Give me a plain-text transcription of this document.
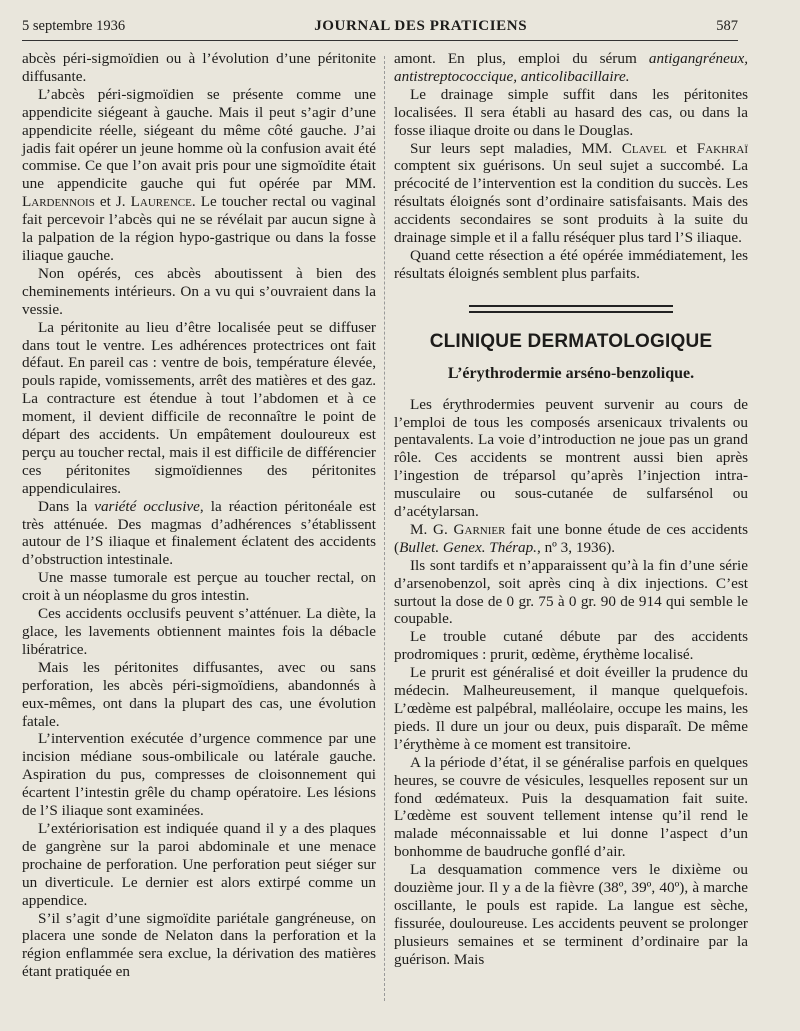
5 septembre 1936	JOURNAL DES PRATICIENS	587

abcès péri-sigmoïdien ou à l’évolution d’une péritonite diffusante.

L’abcès péri-sigmoïdien se présente comme une appendicite siégeant à gauche. Mais il peut s’agir d’une appendicite réelle, siégeant du même côté gauche. J’ai jadis fait opérer un jeune homme où la confusion avait été commise. Ce que l’on avait pris pour une sigmoïdite était une appendicite gauche qui fut opérée par MM. Lardennois et J. Laurence. Le toucher rectal ou vaginal fait percevoir l’abcès qui ne se révélait par aucun signe à la palpation de la région hypo-gastrique ou dans la fosse iliaque gauche.

Non opérés, ces abcès aboutissent à bien des cheminements intérieurs. On a vu qui s’ouvraient dans la vessie.

La péritonite au lieu d’être localisée peut se diffuser dans tout le ventre. Les adhérences protectrices ont fait défaut. En pareil cas : ventre de bois, température élevée, pouls rapide, vomissements, arrêt des matières et des gaz. La contracture est étendue à tout l’abdomen et à ce moment, il devient difficile de reconnaître le point de départ des accidents. Un empâtement douloureux est perçu au toucher rectal, mais il est difficile de différencier ces péritonites sigmoïdiennes des péritonites appendiculaires.

Dans la variété occlusive, la réaction péritonéale est très atténuée. Des magmas d’adhérences s’établissent autour de l’S iliaque et finalement éclatent des accidents d’obstruction intestinale.

Une masse tumorale est perçue au toucher rectal, on croit à un néoplasme du gros intestin.

Ces accidents occlusifs peuvent s’atténuer. La diète, la glace, les lavements obtiennent maintes fois la débacle libératrice.

Mais les péritonites diffusantes, avec ou sans perforation, les abcès péri-sigmoïdiens, abandonnés à eux-mêmes, ont dans la plupart des cas, une évolution fatale.

L’intervention exécutée d’urgence commence par une incision médiane sous-ombilicale ou latérale gauche. Aspiration du pus, compresses de cloisonnement qui écartent l’intestin grêle du champ opératoire. Les lésions de l’S iliaque sont examinées.

L’extériorisation est indiquée quand il y a des plaques de gangrène sur la paroi abdominale et une menace prochaine de perforation. Une perforation peut siéger sur un diverticule. Le dernier est alors extirpé comme un appendice.

S’il s’agit d’une sigmoïdite pariétale gangréneuse, on placera une sonde de Nelaton dans la perforation et la région enflammée sera exclue, la dérivation des matières étant pratiquée en

amont. En plus, emploi du sérum antigangréneux, antistreptococcique, anticolibacillaire.

Le drainage simple suffit dans les péritonites localisées. Il sera établi au hasard des cas, ou dans la fosse iliaque droite ou dans le Douglas.

Sur leurs sept maladies, MM. Clavel et Fakhraï comptent six guérisons. Un seul sujet a succombé. La précocité de l’intervention est la condition du succès. Les résultats éloignés sont d’ordinaire satisfaisants. Mais des accidents secondaires se sont produits à la suite du drainage simple et il a fallu réséquer plus tard l’S iliaque.

Quand cette résection a été opérée immédiatement, les résultats éloignés semblent plus parfaits.

CLINIQUE DERMATOLOGIQUE
L’érythrodermie arséno-benzolique.

Les érythrodermies peuvent survenir au cours de l’emploi de tous les composés arsenicaux trivalents ou pentavalents. La voie d’introduction ne joue pas un grand rôle. Ces accidents se montrent aussi bien après l’ingestion de tréparsol qu’après l’injection intra-musculaire ou sous-cutanée de sulfarsénol ou d’acétylarsan.

M. G. Garnier fait une bonne étude de ces accidents (Bullet. Genex. Thérap., nº 3, 1936).

Ils sont tardifs et n’apparaissent qu’à la fin d’une série d’arsenobenzol, soit après cinq à dix injections. C’est surtout la dose de 0 gr. 75 à 0 gr. 90 de 914 qui semble le coupable.

Le trouble cutané débute par des accidents prodromiques : prurit, œdème, érythème localisé.

Le prurit est généralisé et doit éveiller la prudence du médecin. Malheureusement, il manque quelquefois. L’œdème est palpébral, malléolaire, occupe les mains, les pieds. Il dure un jour ou deux, puis disparaît. De même l’érythème à ce moment est transitoire.

A la période d’état, il se généralise parfois en quelques heures, se couvre de vésicules, lesquelles reposent sur un fond œdémateux. Puis la desquamation fait suite. L’œdème est souvent tellement intense qu’il rend le malade méconnaissable et lui donne l’aspect d’un bonhomme de baudruche gonflé d’air.

La desquamation commence vers le dixième ou douzième jour. Il y a de la fièvre (38º, 39º, 40º), à marche oscillante, le pouls est rapide. La langue est sèche, fissurée, douloureuse. Les accidents peuvent se prolonger plusieurs semaines et se terminent d’ordinaire par la guérison. Mais
